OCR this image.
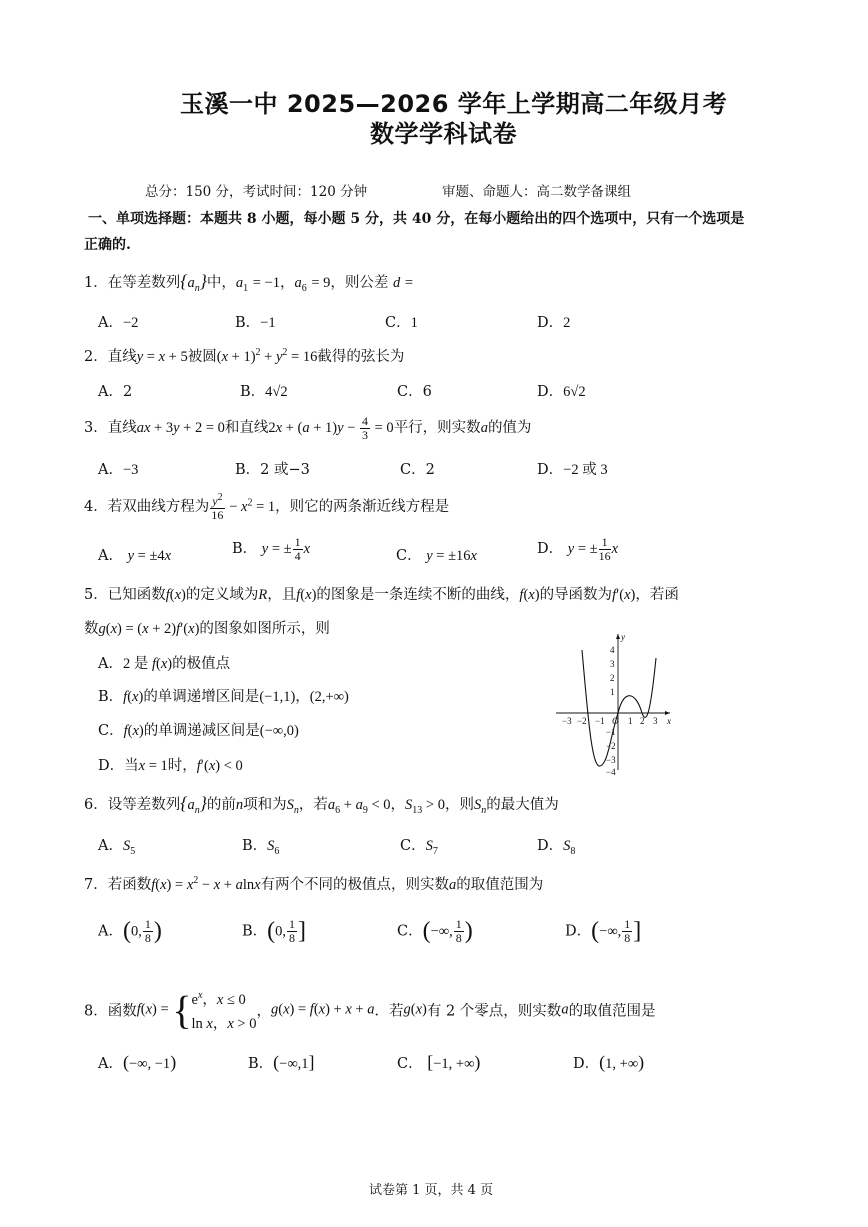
玉溪一中 2025—2026 学年上学期高二年级月考
数学学科试卷
总分：150 分，考试时间：120 分钟	审题、命题人：高二数学备课组
一、单项选择题：本题共 8 小题，每小题 5 分，共 40 分，在每小题给出的四个选项中，只有一个选项是
正确的.
1．在等差数列$\{a_n\}$中，$a_1 = -1$，$a_6 = 9$，则公差 d =
A．−2	B．−1	C．1	D．2
2．直线y = x + 5被圆$(x + 1)^2 + y^2 = 16$截得的弦长为
A．2	B．4√2	C．6	D．6√2
3．直线ax + 3y + 2 = 0和直线$2x + (a + 1)y - \frac{4}{3} = 0$平行，则实数a的值为
A．−3	B．2 或−3	C．2	D．−2 或 3
4．若双曲线方程为 $\frac{y^2}{16} - x^2 = 1$，则它的两条渐近线方程是
A． y = ±4x	B． y = ± $\frac{1}{4}$ x	C． y = ±16x	D． y = ± $\frac{1}{16}$ x
5．已知函数f(x)的定义域为R，且f(x)的图象是一条连续不断的曲线，f(x)的导函数为f′(x)，若函
数g(x) = (x + 2)f′(x)的图象如图所示，则
A．2 是 f(x)的极值点
B．f(x)的单调递增区间是(−1,1)，(2,+∞)
C．f(x)的单调递减区间是(−∞,0)
D．当x = 1时，f′(x) < 0
−3 −2 −1 O 1 2 3 x
y
4
3
2
1
−1
−2
−3
−4
6．设等差数列$\{a_n\}$的前n项和为$S_n$，若$a_6 + a_9 < 0$，$S_{13} > 0$，则$S_n$的最大值为
A．$S_5$	B．$S_6$	C．$S_7$	D．$S_8$
7．若函数$f(x) = x^2 - x + alnx$有两个不同的极值点，则实数a的取值范围为
A．(0, $\frac{1}{8}$ )	B．(0, $\frac{1}{8}$ ]	C．(−∞, $\frac{1}{8}$ )	D．(−∞, $\frac{1}{8}$ ]
8．函数$f(x) = \{e^x$，x ≤ 0
ln x，x > 0，g(x) = f(x) + x + a．若g(x)有 2 个零点，则实数a的取值范围是
A．(−∞, −1)	B．(−∞,1]	C． [−1, +∞)	D．(1, +∞)
试卷第 1 页，共 4 页
